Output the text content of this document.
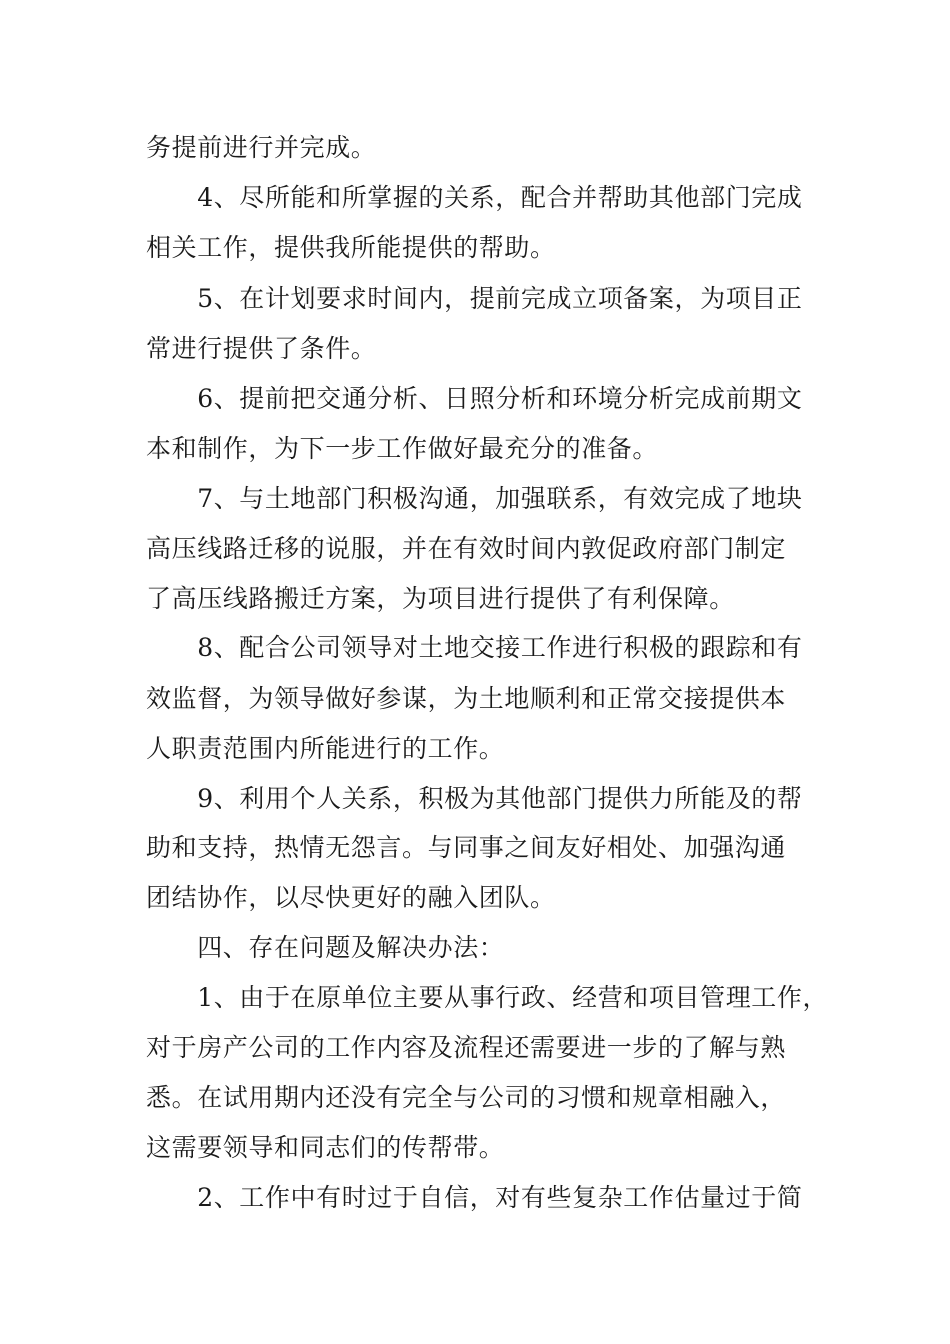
务提前进行并完成。
　　4、尽所能和所掌握的关系，配合并帮助其他部门完成
相关工作，提供我所能提供的帮助。
　　5、在计划要求时间内，提前完成立项备案，为项目正
常进行提供了条件。
　　6、提前把交通分析、日照分析和环境分析完成前期文
本和制作，为下一步工作做好最充分的准备。
　　7、与土地部门积极沟通，加强联系，有效完成了地块
高压线路迁移的说服，并在有效时间内敦促政府部门制定
了高压线路搬迁方案，为项目进行提供了有利保障。
　　8、配合公司领导对土地交接工作进行积极的跟踪和有
效监督，为领导做好参谋，为土地顺利和正常交接提供本
人职责范围内所能进行的工作。
　　9、利用个人关系，积极为其他部门提供力所能及的帮
助和支持，热情无怨言。与同事之间友好相处、加强沟通
团结协作，以尽快更好的融入团队。
　　四、存在问题及解决办法：
　　1、由于在原单位主要从事行政、经营和项目管理工作，
对于房产公司的工作内容及流程还需要进一步的了解与熟
悉。在试用期内还没有完全与公司的习惯和规章相融入，
这需要领导和同志们的传帮带。
　　2、工作中有时过于自信，对有些复杂工作估量过于简
